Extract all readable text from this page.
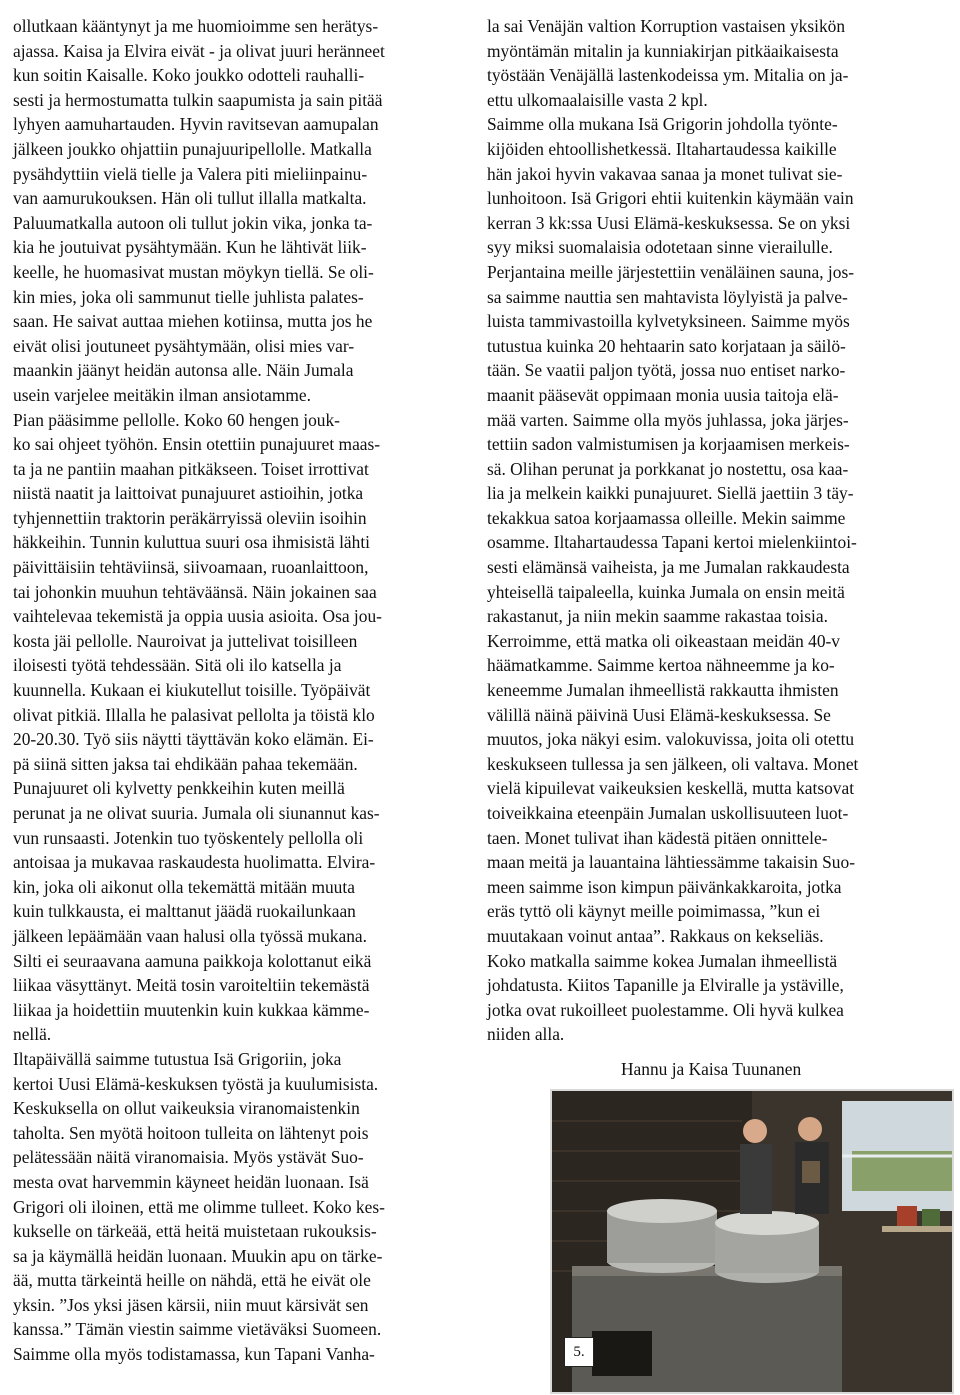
ollutkaan kääntynyt ja me huomioimme sen herätys-
ajassa. Kaisa ja Elvira eivät - ja olivat juuri heränneet
kun soitin Kaisalle. Koko joukko odotteli rauhalli-
sesti ja hermostumatta tulkin saapumista ja sain pitää
lyhyen aamuhartauden. Hyvin ravitsevan aamupalan
jälkeen joukko ohjattiin punajuuripellolle. Matkalla
pysähdyttiin vielä tielle ja Valera piti mieliinpainu-
van aamurukouksen. Hän oli tullut illalla matkalta.
Paluumatkalla autoon oli tullut jokin vika, jonka ta-
kia he joutuivat pysähtymään. Kun he lähtivät liik-
keelle, he huomasivat mustan möykyn tiellä. Se oli-
kin mies, joka oli sammunut tielle juhlista palates-
saan. He saivat auttaa miehen kotiinsa, mutta jos he
eivät olisi joutuneet pysähtymään, olisi mies var-
maankin jäänyt heidän autonsa alle. Näin Jumala
usein varjelee meitäkin ilman ansiotamme.
Pian pääsimme pellolle. Koko 60 hengen jouk-
ko sai ohjeet työhön. Ensin otettiin punajuuret maas-
ta ja ne pantiin maahan pitkäkseen. Toiset irrottivat
niistä naatit ja laittoivat punajuuret astioihin, jotka
tyhjennettiin traktorin peräkärryissä oleviin isoihin
häkkeihin. Tunnin kuluttua suuri osa ihmisistä lähti
päivittäisiin tehtäviinsä, siivoamaan, ruoanlaittoon,
tai johonkin muuhun tehtäväänsä. Näin jokainen saa
vaihtelevaa tekemistä ja oppia uusia asioita. Osa jou-
kosta jäi pellolle. Nauroivat ja juttelivat toisilleen
iloisesti työtä tehdessään. Sitä oli ilo katsella ja
kuunnella. Kukaan ei kiukutellut toisille. Työpäivät
olivat pitkiä. Illalla he palasivat pellolta ja töistä klo
20-20.30. Työ siis näytti täyttävän koko elämän. Ei-
pä siinä sitten jaksa tai ehdikään pahaa tekemään.
Punajuuret oli kylvetty penkkeihin kuten meillä
perunat ja ne olivat suuria. Jumala oli siunannut kas-
vun runsaasti. Jotenkin tuo työskentely pellolla oli
antoisaa ja mukavaa raskaudesta huolimatta. Elvira-
kin, joka oli aikonut olla tekemättä mitään muuta
kuin tulkkausta, ei malttanut jäädä ruokailunkaan
jälkeen lepäämään vaan halusi olla työssä mukana.
Silti ei seuraavana aamuna paikkoja kolottanut eikä
liikaa väsyttänyt. Meitä tosin varoiteltiin tekemästä
liikaa ja hoidettiin muutenkin kuin kukkaa kämme-
nellä.
Iltapäivällä saimme tutustua Isä Grigoriin, joka
kertoi Uusi Elämä-keskuksen työstä ja kuulumisista.
Keskuksella on ollut vaikeuksia viranomaistenkin
taholta. Sen myötä hoitoon tulleita on lähtenyt pois
pelätessään näitä viranomaisia. Myös ystävät Suo-
mesta ovat harvemmin käyneet heidän luonaan. Isä
Grigori oli iloinen, että me olimme tulleet. Koko kes-
kukselle on tärkeää, että heitä muistetaan rukouksis-
sa ja käymällä heidän luonaan. Muukin apu on tärke-
ää, mutta tärkeintä heille on nähdä, että he eivät ole
yksin. ”Jos yksi jäsen kärsii, niin muut kärsivät sen
kanssa.” Tämän viestin saimme vietäväksi Suomeen.
Saimme olla myös todistamassa, kun Tapani Vanha-

la sai Venäjän valtion Korruption vastaisen yksikön
myöntämän mitalin ja kunniakirjan pitkäaikaisesta
työstään Venäjällä lastenkodeissa ym. Mitalia on ja-
ettu ulkomaalaisille vasta 2 kpl.
Saimme olla mukana Isä Grigorin johdolla työnte-
kijöiden ehtoollishetkessä. Iltahartaudessa kaikille
hän jakoi hyvin vakavaa sanaa ja monet tulivat sie-
lunhoitoon. Isä Grigori ehtii kuitenkin käymään vain
kerran 3 kk:ssa Uusi Elämä-keskuksessa. Se on yksi
syy miksi suomalaisia odotetaan sinne vierailulle.
Perjantaina meille järjestettiin venäläinen sauna, jos-
sa saimme nauttia sen mahtavista löylyistä ja palve-
luista tammivastoilla kylvetyksineen. Saimme myös
tutustua kuinka 20 hehtaarin sato korjataan ja säilö-
tään. Se vaatii paljon työtä, jossa nuo entiset narko-
maanit pääsevät oppimaan monia uusia taitoja elä-
mää varten. Saimme olla myös juhlassa, joka järjes-
tettiin sadon valmistumisen ja korjaamisen merkeis-
sä. Olihan perunat ja porkkanat jo nostettu, osa kaa-
lia ja melkein kaikki punajuuret. Siellä jaettiin 3 täy-
tekakkua satoa korjaamassa olleille. Mekin saimme
osamme. Iltahartaudessa Tapani kertoi mielenkiintoi-
sesti elämänsä vaiheista, ja me Jumalan rakkaudesta
yhteisellä taipaleella, kuinka Jumala on ensin meitä
rakastanut, ja niin mekin saamme rakastaa toisia.
Kerroimme, että matka oli oikeastaan meidän 40-v
häämatkamme. Saimme kertoa nähneemme ja ko-
keneemme Jumalan ihmeellistä rakkautta ihmisten
välillä näinä päivinä Uusi Elämä-keskuksessa. Se
muutos, joka näkyi esim. valokuvissa, joita oli otettu
keskukseen tullessa ja sen jälkeen, oli valtava. Monet
vielä kipuilevat vaikeuksien keskellä, mutta katsovat
toiveikkaina eteenpäin Jumalan uskollisuuteen luot-
taen. Monet tulivat ihan kädestä pitäen onnittele-
maan meitä ja lauantaina lähtiessämme takaisin Suo-
meen saimme ison kimpun päivänkakkaroita, jotka
eräs tyttö oli käynyt meille poimimassa, ”kun ei
muutakaan voinut antaa”. Rakkaus on kekseliäs.
Koko matkalla saimme kokea Jumalan ihmeellistä
johdatusta. Kiitos Tapanille ja Elviralle ja ystäville,
jotka ovat rukoilleet puolestamme. Oli hyvä kulkea
niiden alla.

Hannu ja Kaisa Tuunanen
5.
